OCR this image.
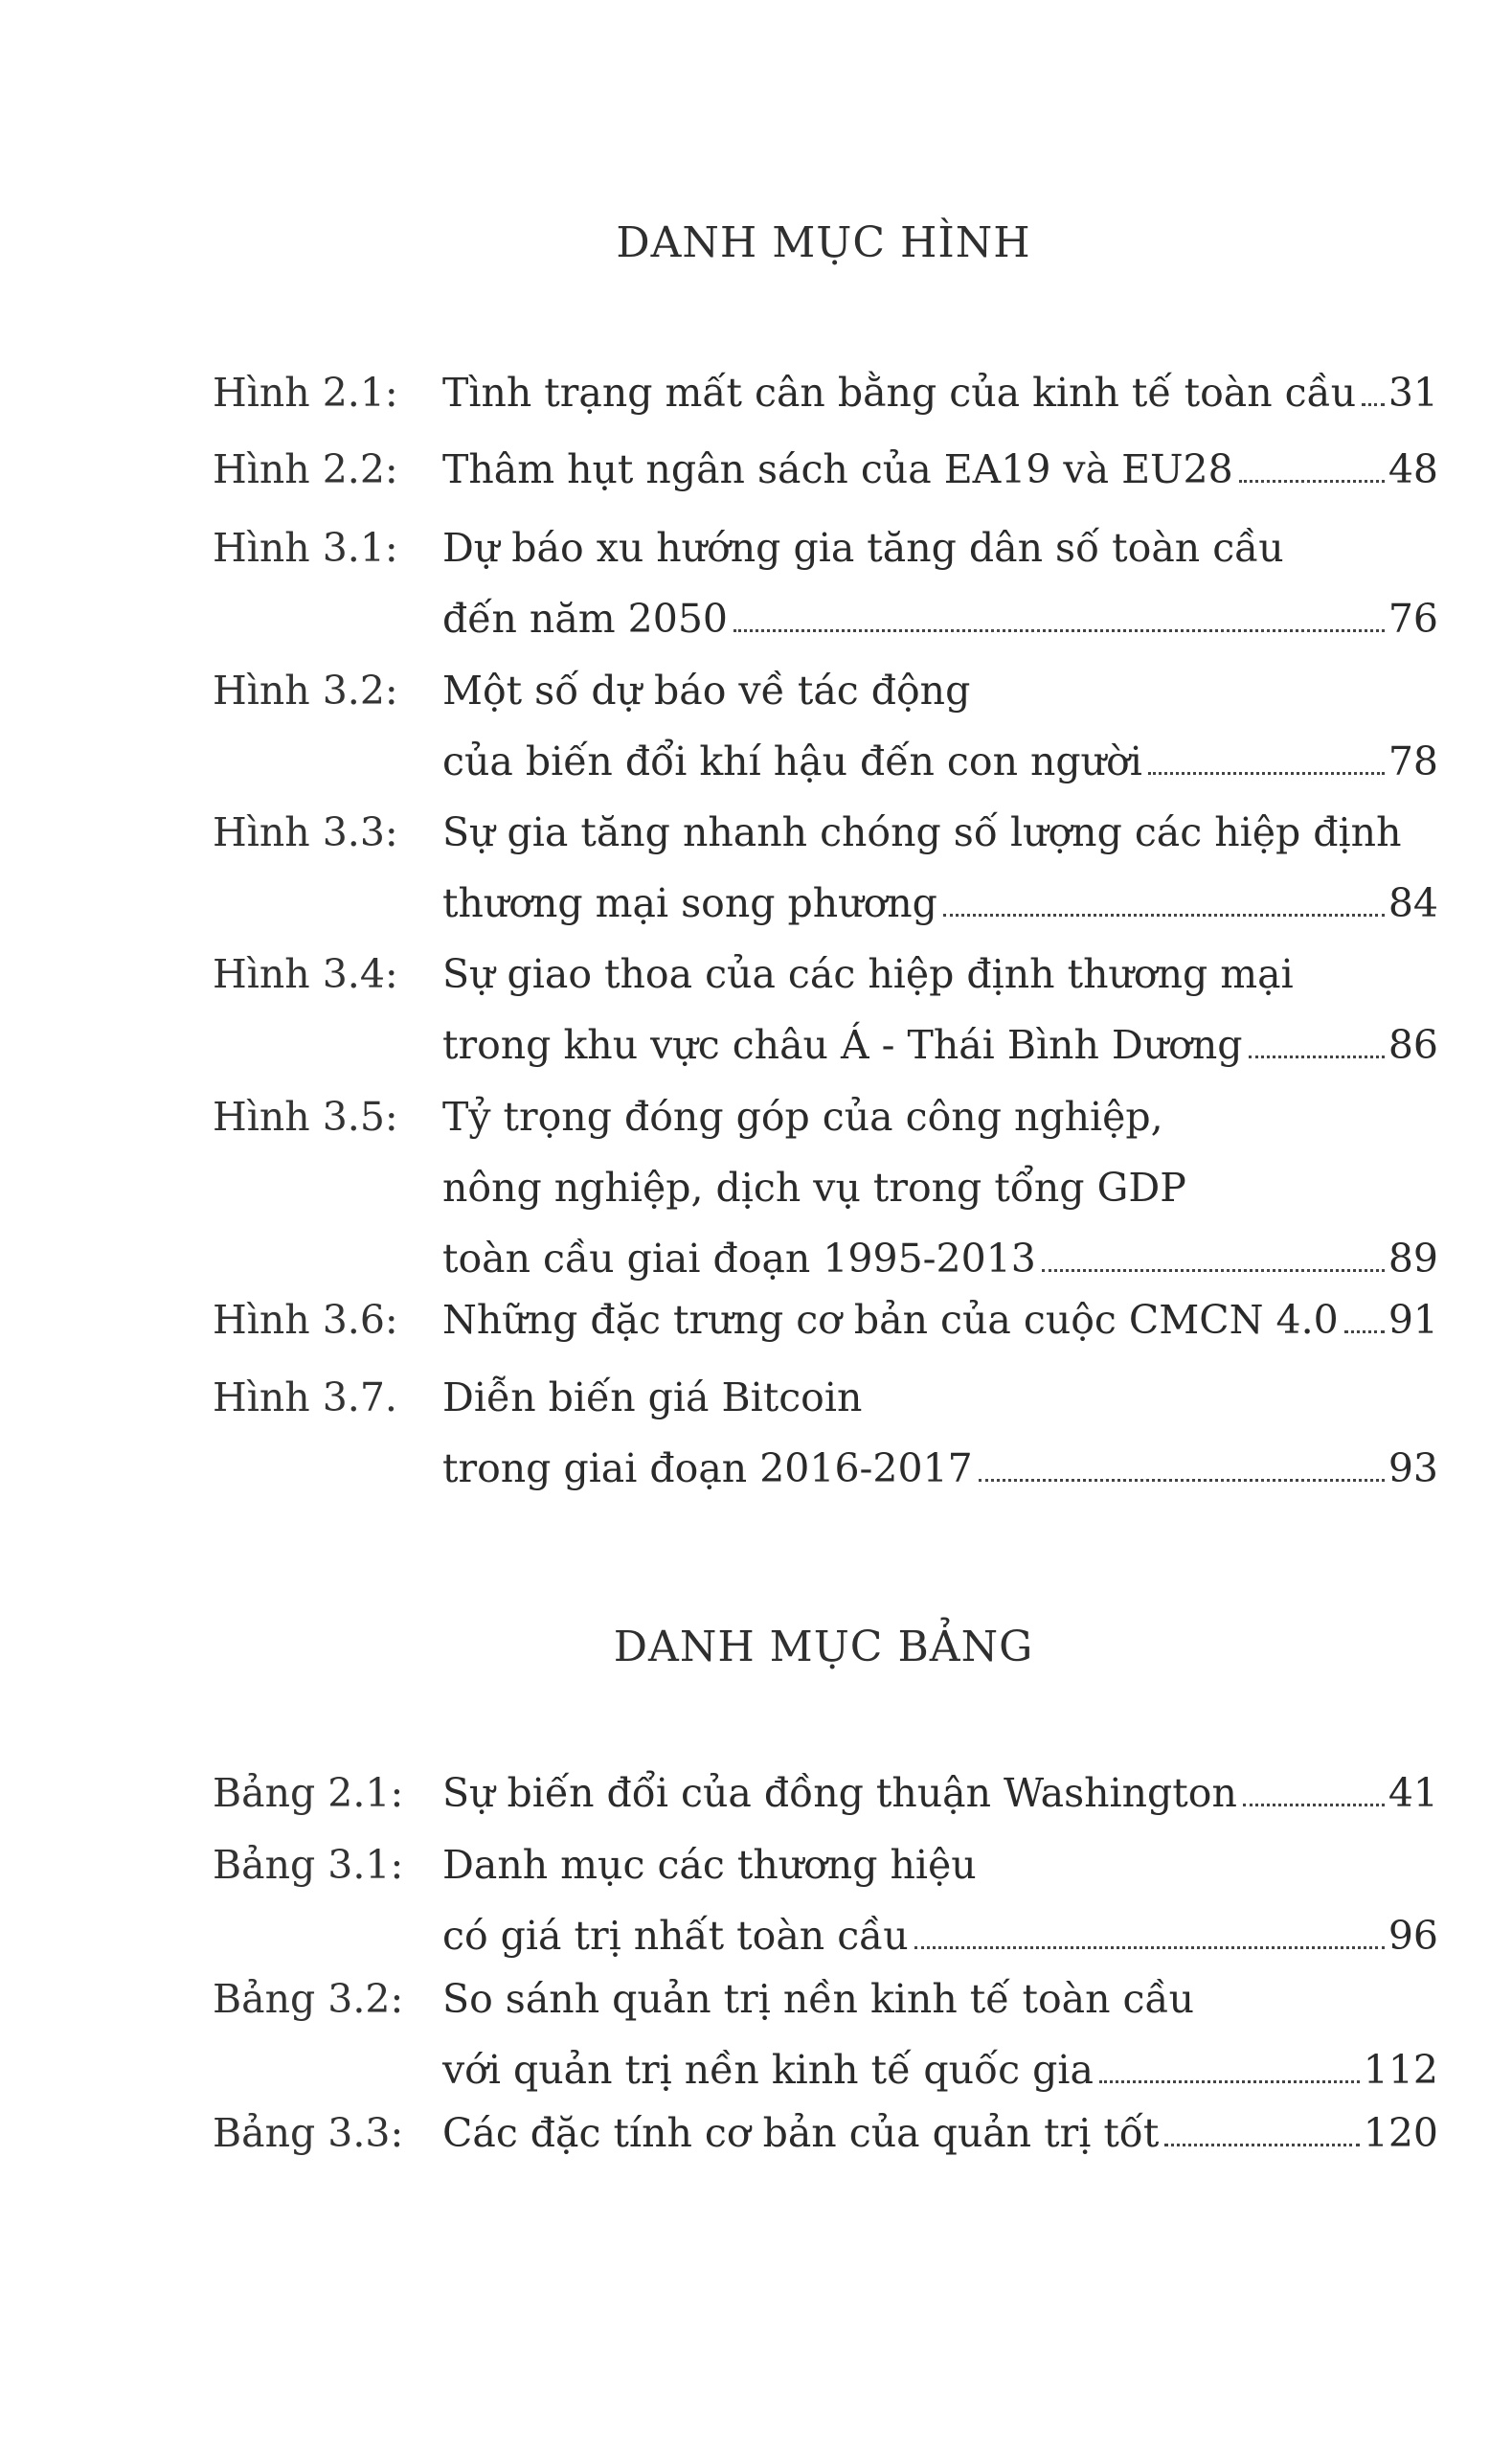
DANH MỤC HÌNH
Hình 2.1:	Tình trạng mất cân bằng của kinh tế toàn cầu 31
Hình 2.2:	Thâm hụt ngân sách của EA19 và EU28	48
Hình 3.1:	Dự báo xu hướng gia tăng dân số toàn cầu
đến năm 2050	76
Hình 3.2:	Một số dự báo về tác động
của biến đổi khí hậu đến con người	78
Hình 3.3:	Sự gia tăng nhanh chóng số lượng các hiệp định
thương mại song phương	84
Hình 3.4:	Sự giao thoa của các hiệp định thương mại
trong khu vực châu Á - Thái Bình Dương	86
Hình 3.5:	Tỷ trọng đóng góp của công nghiệp,
nông nghiệp, dịch vụ trong tổng GDP
toàn cầu giai đoạn 1995-2013	89
Hình 3.6:	Những đặc trưng cơ bản của cuộc CMCN 4.0 91
Hình 3.7.	Diễn biến giá Bitcoin
trong giai đoạn 2016-2017	93
DANH MỤC BẢNG
Bảng 2.1: Sự biến đổi của đồng thuận Washington	41
Bảng 3.1: Danh mục các thương hiệu
có giá trị nhất toàn cầu	96
Bảng 3.2: So sánh quản trị nền kinh tế toàn cầu
với quản trị nền kinh tế quốc gia	112
Bảng 3.3: Các đặc tính cơ bản của quản trị tốt	120
